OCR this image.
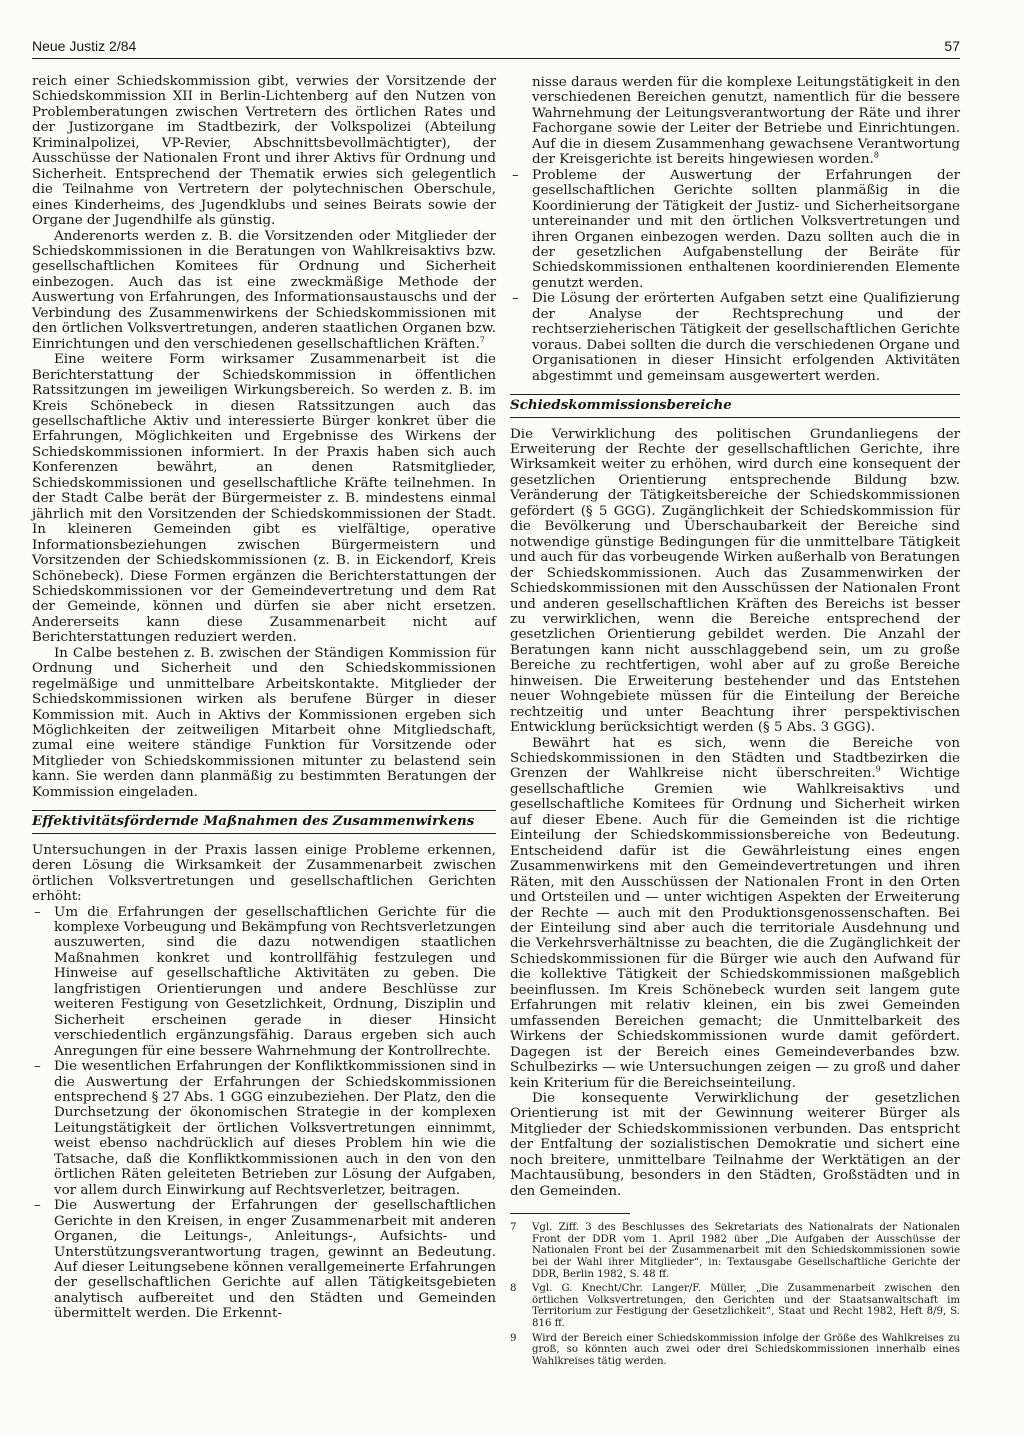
Neue Justiz 2/84	57

reich einer Schiedskommission gibt, verwies der Vorsitzende der Schiedskommission XII in Berlin-Lichtenberg auf den Nutzen von Problemberatungen zwischen Vertretern des örtlichen Rates und der Justizorgane im Stadtbezirk, der Volkspolizei (Abteilung Kriminalpolizei, VP-Revier, Abschnittsbevollmächtigter), der Ausschüsse der Nationalen Front und ihrer Aktivs für Ordnung und Sicherheit. Entsprechend der Thematik erwies sich gelegentlich die Teilnahme von Vertretern der polytechnischen Oberschule, eines Kinderheims, des Jugendklubs und seines Beirats sowie der Organe der Jugendhilfe als günstig.

Anderenorts werden z. B. die Vorsitzenden oder Mitglieder der Schiedskommissionen in die Beratungen von Wahlkreisaktivs bzw. gesellschaftlichen Komitees für Ordnung und Sicherheit einbezogen. Auch das ist eine zweckmäßige Methode der Auswertung von Erfahrungen, des Informationsaustauschs und der Verbindung des Zusammenwirkens der Schiedskommissionen mit den örtlichen Volksvertretungen, anderen staatlichen Organen bzw. Einrichtungen und den verschiedenen gesellschaftlichen Kräften.$^7$

Eine weitere Form wirksamer Zusammenarbeit ist die Berichterstattung der Schiedskommission in öffentlichen Ratssitzungen im jeweiligen Wirkungsbereich. So werden z. B. im Kreis Schönebeck in diesen Ratssitzungen auch das gesellschaftliche Aktiv und interessierte Bürger konkret über die Erfahrungen, Möglichkeiten und Ergebnisse des Wirkens der Schiedskommissionen informiert. In der Praxis haben sich auch Konferenzen bewährt, an denen Ratsmitglieder, Schiedskommissionen und gesellschaftliche Kräfte teilnehmen. In der Stadt Calbe berät der Bürgermeister z. B. mindestens einmal jährlich mit den Vorsitzenden der Schiedskommissionen der Stadt. In kleineren Gemeinden gibt es vielfältige, operative Informationsbeziehungen zwischen Bürgermeistern und Vorsitzenden der Schiedskommissionen (z. B. in Eickendorf, Kreis Schönebeck). Diese Formen ergänzen die Berichterstattungen der Schiedskommissionen vor der Gemeindevertretung und dem Rat der Gemeinde, können und dürfen sie aber nicht ersetzen. Andererseits kann diese Zusammenarbeit nicht auf Berichterstattungen reduziert werden.

In Calbe bestehen z. B. zwischen der Ständigen Kommission für Ordnung und Sicherheit und den Schiedskommissionen regelmäßige und unmittelbare Arbeitskontakte. Mitglieder der Schiedskommissionen wirken als berufene Bürger in dieser Kommission mit. Auch in Aktivs der Kommissionen ergeben sich Möglichkeiten der zeitweiligen Mitarbeit ohne Mitgliedschaft, zumal eine weitere ständige Funktion für Vorsitzende oder Mitglieder von Schiedskommissionen mitunter zu belastend sein kann. Sie werden dann planmäßig zu bestimmten Beratungen der Kommission eingeladen.

Effektivitätsfördernde Maßnahmen des Zusammenwirkens

Untersuchungen in der Praxis lassen einige Probleme erkennen, deren Lösung die Wirksamkeit der Zusammenarbeit zwischen örtlichen Volksvertretungen und gesellschaftlichen Gerichten erhöht:

– Um die Erfahrungen der gesellschaftlichen Gerichte für die komplexe Vorbeugung und Bekämpfung von Rechtsverletzungen auszuwerten, sind die dazu notwendigen staatlichen Maßnahmen konkret und kontrollfähig festzulegen und Hinweise auf gesellschaftliche Aktivitäten zu geben. Die langfristigen Orientierungen und andere Beschlüsse zur weiteren Festigung von Gesetzlichkeit, Ordnung, Disziplin und Sicherheit erscheinen gerade in dieser Hinsicht verschiedentlich ergänzungsfähig. Daraus ergeben sich auch Anregungen für eine bessere Wahrnehmung der Kontrollrechte.
– Die wesentlichen Erfahrungen der Konfliktkommissionen sind in die Auswertung der Erfahrungen der Schiedskommissionen entsprechend § 27 Abs. 1 GGG einzubeziehen. Der Platz, den die Durchsetzung der ökonomischen Strategie in der komplexen Leitungstätigkeit der örtlichen Volksvertretungen einnimmt, weist ebenso nachdrücklich auf dieses Problem hin wie die Tatsache, daß die Konfliktkommissionen auch in den von den örtlichen Räten geleiteten Betrieben zur Lösung der Aufgaben, vor allem durch Einwirkung auf Rechtsverletzer, beitragen.
– Die Auswertung der Erfahrungen der gesellschaftlichen Gerichte in den Kreisen, in enger Zusammenarbeit mit anderen Organen, die Leitungs-, Anleitungs-, Aufsichts- und Unterstützungsverantwortung tragen, gewinnt an Bedeutung. Auf dieser Leitungsebene können verallgemeinerte Erfahrungen der gesellschaftlichen Gerichte auf allen Tätigkeitsgebieten analytisch aufbereitet und den Städten und Gemeinden übermittelt werden. Die Erkennt-
nisse daraus werden für die komplexe Leitungstätigkeit in den verschiedenen Bereichen genutzt, namentlich für die bessere Wahrnehmung der Leitungsverantwortung der Räte und ihrer Fachorgane sowie der Leiter der Betriebe und Einrichtungen. Auf die in diesem Zusammenhang gewachsene Verantwortung der Kreisgerichte ist bereits hingewiesen worden.$^8$
– Probleme der Auswertung der Erfahrungen der gesellschaftlichen Gerichte sollten planmäßig in die Koordinierung der Tätigkeit der Justiz- und Sicherheitsorgane untereinander und mit den örtlichen Volksvertretungen und ihren Organen einbezogen werden. Dazu sollten auch die in der gesetzlichen Aufgabenstellung der Beiräte für Schiedskommissionen enthaltenen koordinierenden Elemente genutzt werden.
– Die Lösung der erörterten Aufgaben setzt eine Qualifizierung der Analyse der Rechtsprechung und der rechtserzieherischen Tätigkeit der gesellschaftlichen Gerichte voraus. Dabei sollten die durch die verschiedenen Organe und Organisationen in dieser Hinsicht erfolgenden Aktivitäten abgestimmt und gemeinsam ausgewertert werden.
Schiedskommissionsbereiche

Die Verwirklichung des politischen Grundanliegens der Erweiterung der Rechte der gesellschaftlichen Gerichte, ihre Wirksamkeit weiter zu erhöhen, wird durch eine konsequent der gesetzlichen Orientierung entsprechende Bildung bzw. Veränderung der Tätigkeitsbereiche der Schiedskommissionen gefördert (§ 5 GGG). Zugänglichkeit der Schiedskommission für die Bevölkerung und Überschaubarkeit der Bereiche sind notwendige günstige Bedingungen für die unmittelbare Tätigkeit und auch für das vorbeugende Wirken außerhalb von Beratungen der Schiedskommissionen. Auch das Zusammenwirken der Schiedskommissionen mit den Ausschüssen der Nationalen Front und anderen gesellschaftlichen Kräften des Bereichs ist besser zu verwirklichen, wenn die Bereiche entsprechend der gesetzlichen Orientierung gebildet werden. Die Anzahl der Beratungen kann nicht ausschlaggebend sein, um zu große Bereiche zu rechtfertigen, wohl aber auf zu große Bereiche hinweisen. Die Erweiterung bestehender und das Entstehen neuer Wohngebiete müssen für die Einteilung der Bereiche rechtzeitig und unter Beachtung ihrer perspektivischen Entwicklung berücksichtigt werden (§ 5 Abs. 3 GGG).

Bewährt hat es sich, wenn die Bereiche von Schiedskommissionen in den Städten und Stadtbezirken die Grenzen der Wahlkreise nicht überschreiten.$^9$ Wichtige gesellschaftliche Gremien wie Wahlkreisaktivs und gesellschaftliche Komitees für Ordnung und Sicherheit wirken auf dieser Ebene. Auch für die Gemeinden ist die richtige Einteilung der Schiedskommissionsbereiche von Bedeutung. Entscheidend dafür ist die Gewährleistung eines engen Zusammenwirkens mit den Gemeindevertretungen und ihren Räten, mit den Ausschüssen der Nationalen Front in den Orten und Ortsteilen und — unter wichtigen Aspekten der Erweiterung der Rechte — auch mit den Produktionsgenossenschaften. Bei der Einteilung sind aber auch die territoriale Ausdehnung und die Verkehrsverhältnisse zu beachten, die die Zugänglichkeit der Schiedskommissionen für die Bürger wie auch den Aufwand für die kollektive Tätigkeit der Schiedskommissionen maßgeblich beeinflussen. Im Kreis Schönebeck wurden seit langem gute Erfahrungen mit relativ kleinen, ein bis zwei Gemeinden umfassenden Bereichen gemacht; die Unmittelbarkeit des Wirkens der Schiedskommissionen wurde damit gefördert. Dagegen ist der Bereich eines Gemeindeverbandes bzw. Schulbezirks — wie Untersuchungen zeigen — zu groß und daher kein Kriterium für die Bereichseinteilung.

Die konsequente Verwirklichung der gesetzlichen Orientierung ist mit der Gewinnung weiterer Bürger als Mitglieder der Schiedskommissionen verbunden. Das entspricht der Entfaltung der sozialistischen Demokratie und sichert eine noch breitere, unmittelbare Teilnahme der Werktätigen an der Machtausübung, besonders in den Städten, Großstädten und in den Gemeinden.

7 Vgl. Ziff. 3 des Beschlusses des Sekretariats des Nationalrats der Nationalen Front der DDR vom 1. April 1982 über „Die Aufgaben der Ausschüsse der Nationalen Front bei der Zusammenarbeit mit den Schiedskommissionen sowie bei der Wahl ihrer Mitglieder“, in: Textausgabe Gesellschaftliche Gerichte der DDR, Berlin 1982, S. 48 ff.
8 Vgl. G. Knecht/Chr. Langer/F. Müller, „Die Zusammenarbeit zwischen den örtlichen Volksvertretungen, den Gerichten und der Staatsanwaltschaft im Territorium zur Festigung der Gesetzlichkeit“, Staat und Recht 1982, Heft 8/9, S. 816 ff.
9 Wird der Bereich einer Schiedskommission infolge der Größe des Wahlkreises zu groß, so könnten auch zwei oder drei Schiedskommissionen innerhalb eines Wahlkreises tätig werden.
